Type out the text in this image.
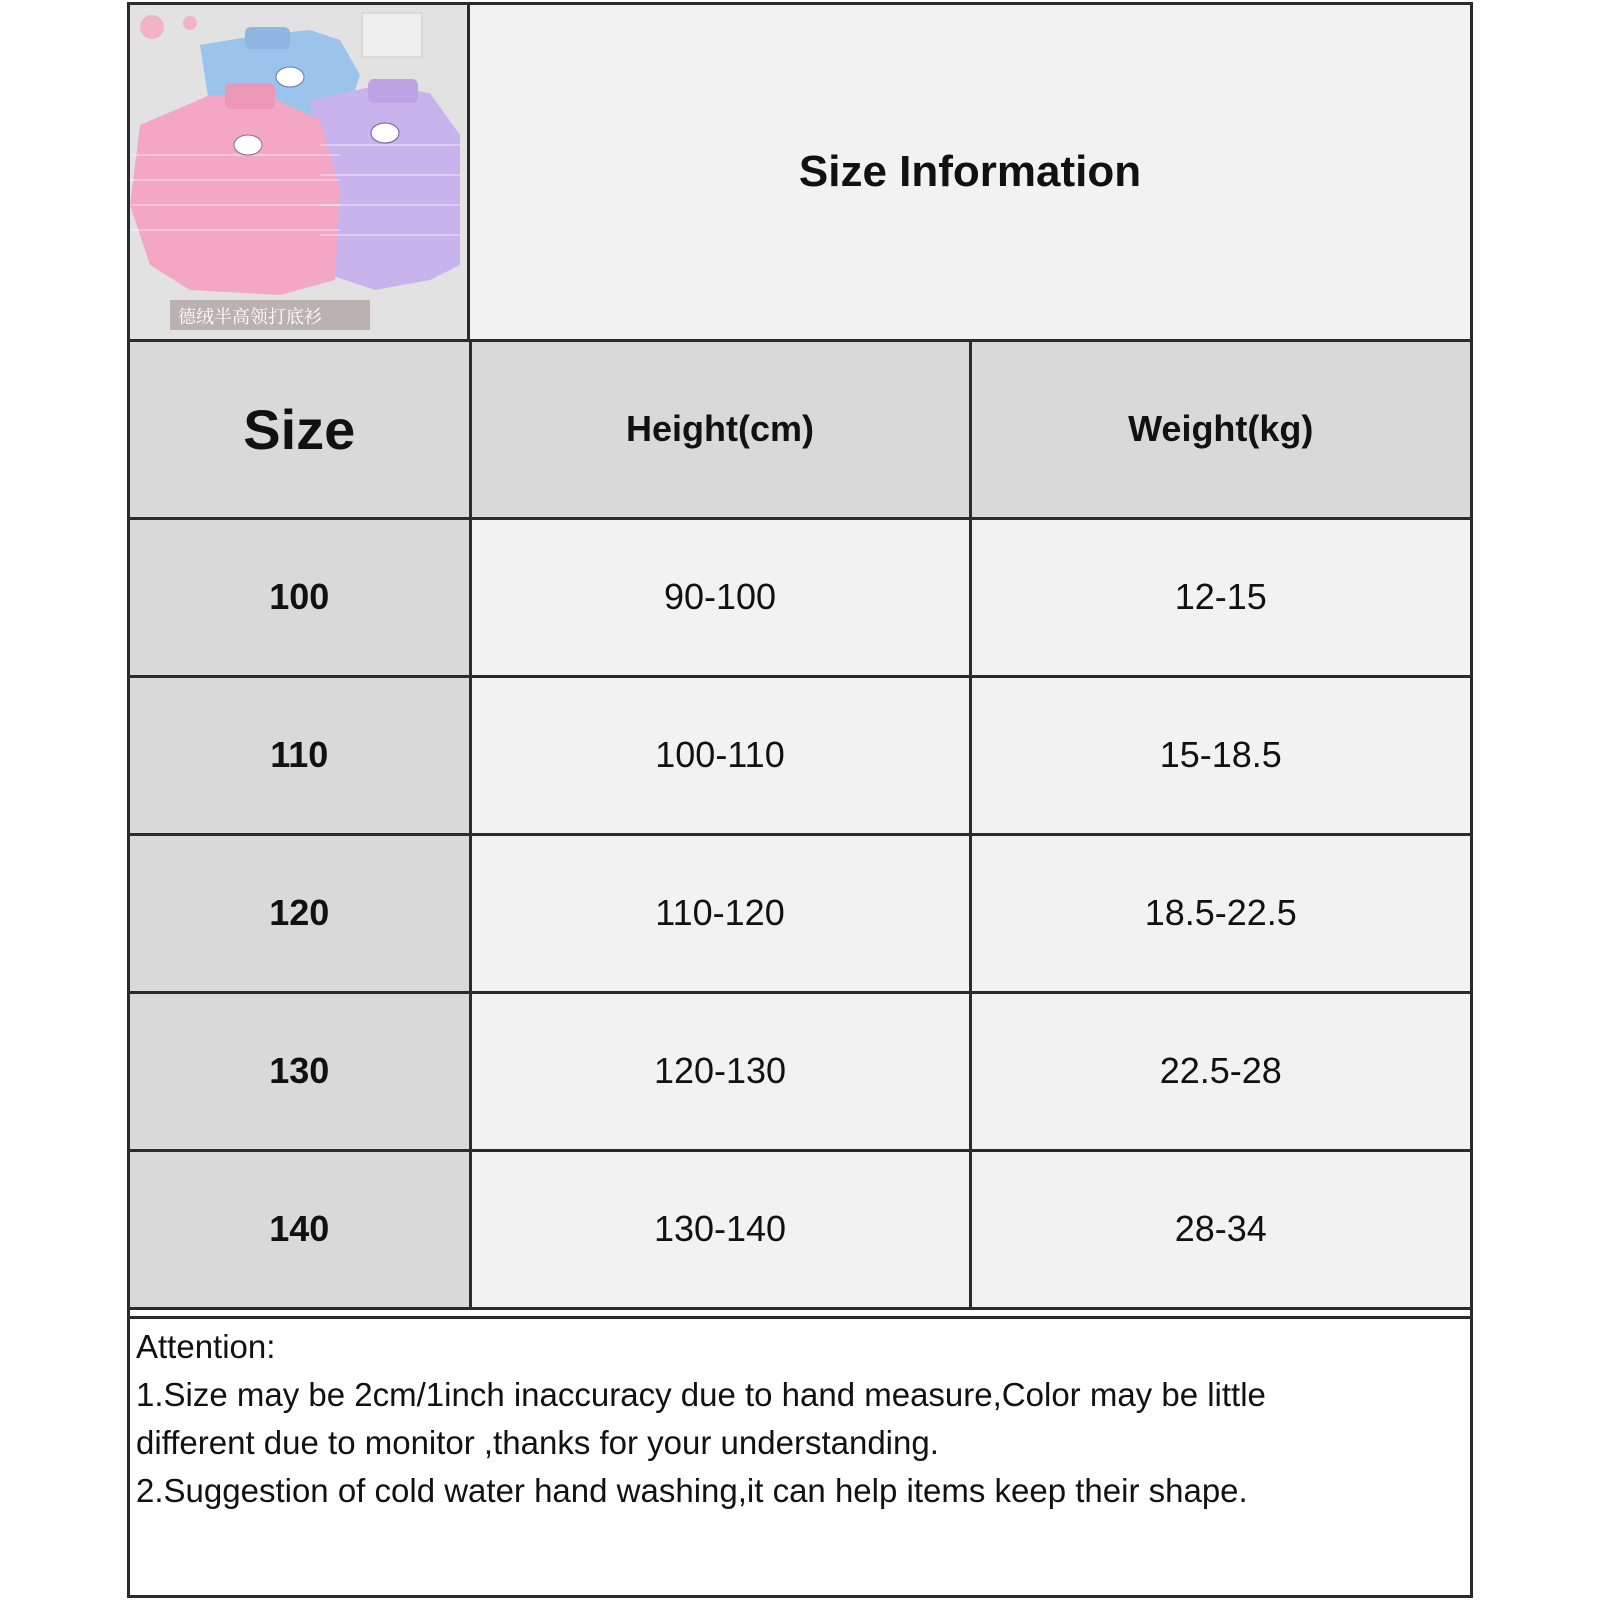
德绒半高领打底衫
Size Information
Size	Height(cm)	Weight(kg)
100	90-100	12-15
110	100-110	15-18.5
120	110-120	18.5-22.5
130	120-130	22.5-28
140	130-140	28-34
Attention:
1.Size may be 2cm/1inch inaccuracy due to hand measure,Color may be little
different due to monitor ,thanks for your understanding.
2.Suggestion of cold water hand washing,it can help items keep their shape.
